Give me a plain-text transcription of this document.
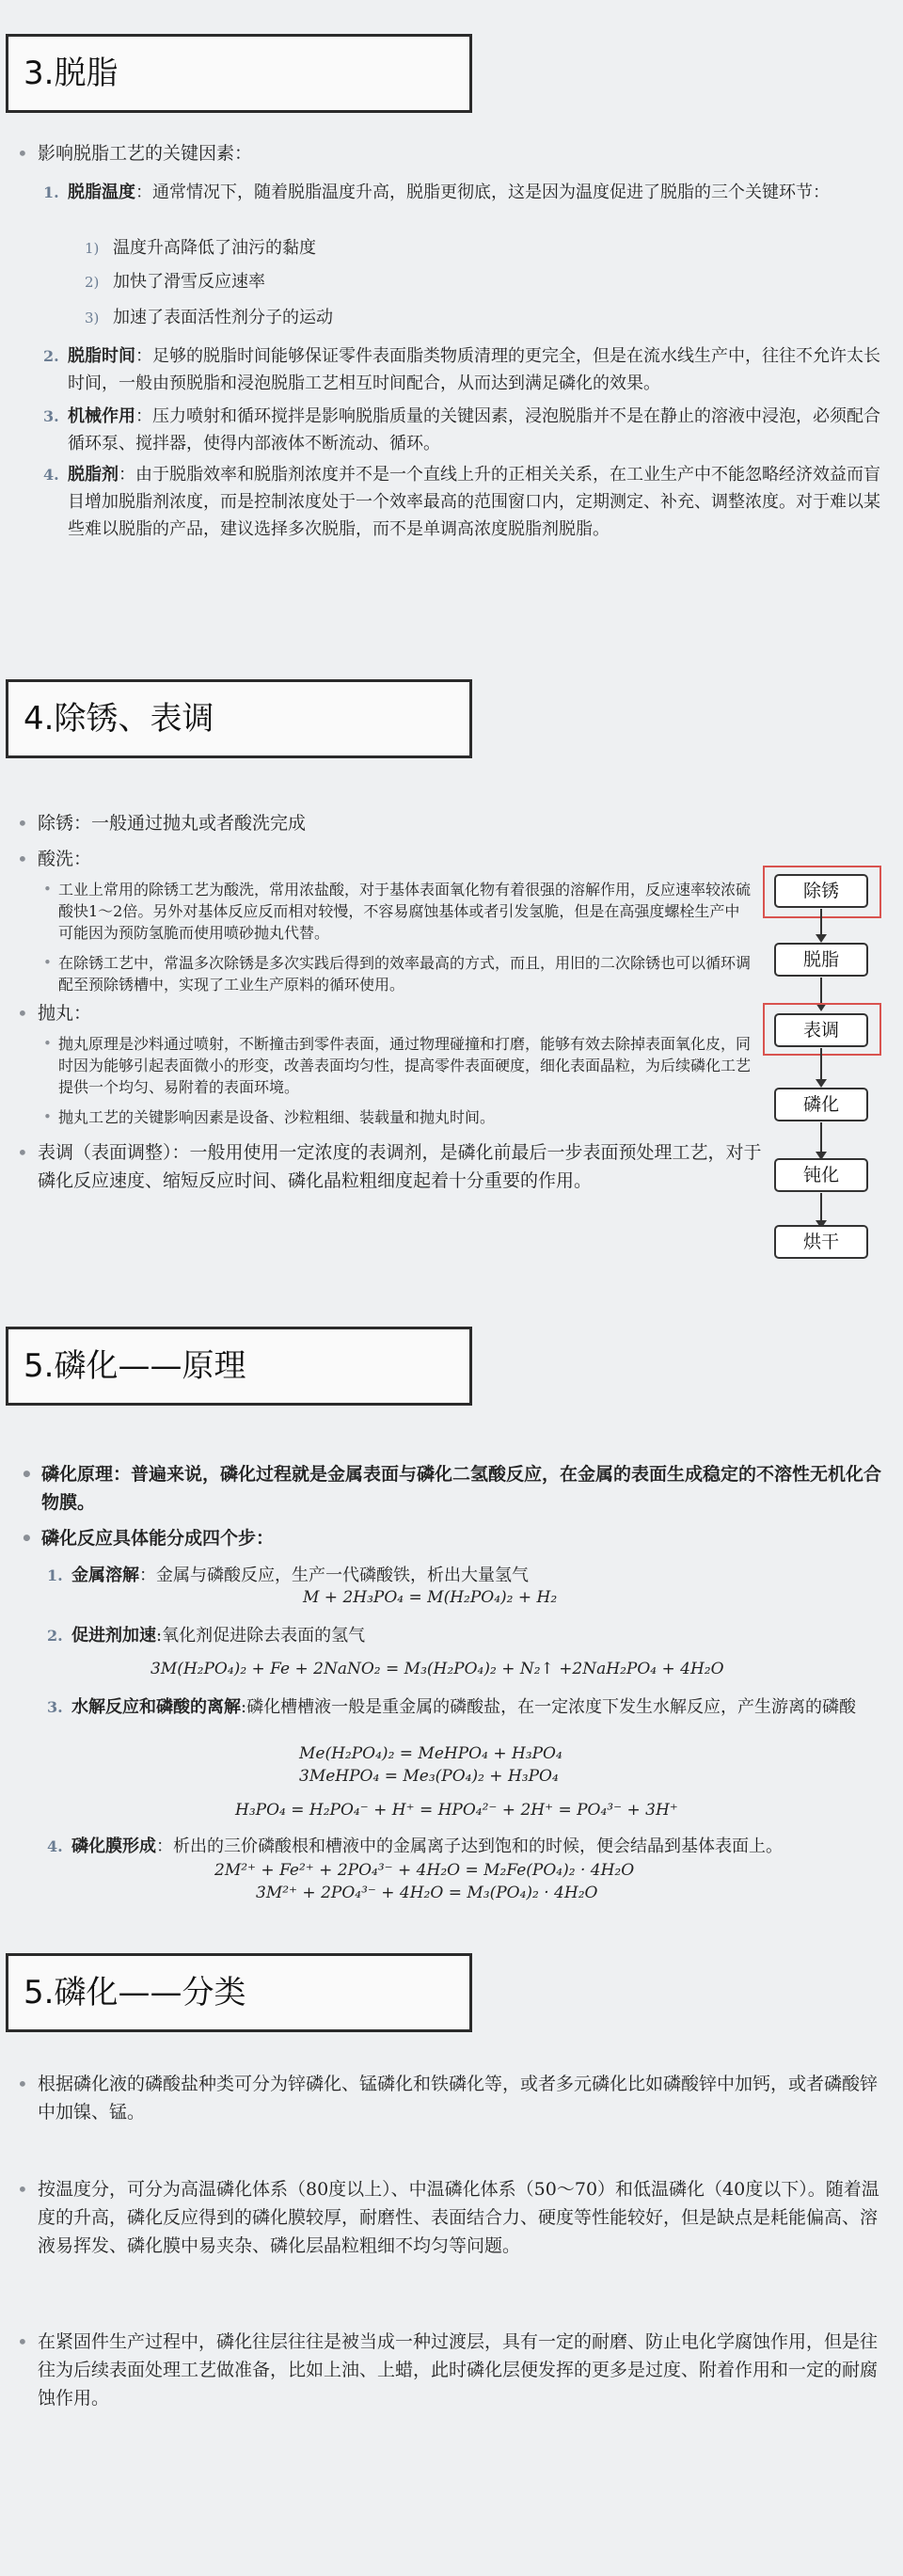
3.脱脂
• 影响脱脂工艺的关键因素：
1. 脱脂温度：通常情况下，随着脱脂温度升高，脱脂更彻底，这是因为温度促进了脱脂的三个关键环节：
1) 温度升高降低了油污的黏度
2) 加快了滑雪反应速率
3) 加速了表面活性剂分子的运动
2. 脱脂时间：足够的脱脂时间能够保证零件表面脂类物质清理的更完全，但是在流水线生产中，往往不允许太长时间，一般由预脱脂和浸泡脱脂工艺相互时间配合，从而达到满足磷化的效果。
3. 机械作用：压力喷射和循环搅拌是影响脱脂质量的关键因素，浸泡脱脂并不是在静止的溶液中浸泡，必须配合循环泵、搅拌器，使得内部液体不断流动、循环。
4. 脱脂剂：由于脱脂效率和脱脂剂浓度并不是一个直线上升的正相关关系，在工业生产中不能忽略经济效益而盲目增加脱脂剂浓度，而是控制浓度处于一个效率最高的范围窗口内，定期测定、补充、调整浓度。对于难以某些难以脱脂的产品，建议选择多次脱脂，而不是单调高浓度脱脂剂脱脂。
4.除锈、表调
• 除锈：一般通过抛丸或者酸洗完成
• 酸洗：
• 工业上常用的除锈工艺为酸洗，常用浓盐酸，对于基体表面氧化物有着很强的溶解作用，反应速率较浓硫酸快1～2倍。另外对基体反应反而相对较慢，不容易腐蚀基体或者引发氢脆，但是在高强度螺栓生产中可能因为预防氢脆而使用喷砂抛丸代替。
• 在除锈工艺中，常温多次除锈是多次实践后得到的效率最高的方式，而且，用旧的二次除锈也可以循环调配至预除锈槽中，实现了工业生产原料的循环使用。
• 抛丸：
• 抛丸原理是沙料通过喷射，不断撞击到零件表面，通过物理碰撞和打磨，能够有效去除掉表面氧化皮，同时因为能够引起表面微小的形变，改善表面均匀性，提高零件表面硬度，细化表面晶粒，为后续磷化工艺提供一个均匀、易附着的表面环境。
• 抛丸工艺的关键影响因素是设备、沙粒粗细、装载量和抛丸时间。
• 表调（表面调整）：一般用使用一定浓度的表调剂，是磷化前最后一步表面预处理工艺，对于磷化反应速度、缩短反应时间、磷化晶粒粗细度起着十分重要的作用。
除锈
脱脂
表调
磷化
钝化
烘干
5.磷化——原理
• 磷化原理：普遍来说，磷化过程就是金属表面与磷化二氢酸反应，在金属的表面生成稳定的不溶性无机化合物膜。
• 磷化反应具体能分成四个步：
1. 金属溶解：金属与磷酸反应，生产一代磷酸铁，析出大量氢气
M + 2H₃PO₄ = M(H₂PO₄)₂ + H₂
2. 促进剂加速:氧化剂促进除去表面的氢气
3M(H₂PO₄)₂ + Fe + 2NaNO₂ = M₃(H₂PO₄)₂ + N₂↑ +2NaH₂PO₄ + 4H₂O
3. 水解反应和磷酸的离解:磷化槽槽液一般是重金属的磷酸盐，在一定浓度下发生水解反应，产生游离的磷酸
Me(H₂PO₄)₂ = MeHPO₄ + H₃PO₄
3MeHPO₄ = Me₃(PO₄)₂ + H₃PO₄
H₃PO₄ = H₂PO₄⁻ + H⁺ = HPO₄²⁻ + 2H⁺ = PO₄³⁻ + 3H⁺
4. 磷化膜形成：析出的三价磷酸根和槽液中的金属离子达到饱和的时候，便会结晶到基体表面上。
2M²⁺ + Fe²⁺ + 2PO₄³⁻ + 4H₂O = M₂Fe(PO₄)₂ · 4H₂O
3M²⁺ + 2PO₄³⁻ + 4H₂O = M₃(PO₄)₂ · 4H₂O
5.磷化——分类
• 根据磷化液的磷酸盐种类可分为锌磷化、锰磷化和铁磷化等，或者多元磷化比如磷酸锌中加钙，或者磷酸锌中加镍、锰。
• 按温度分，可分为高温磷化体系（80度以上）、中温磷化体系（50～70）和低温磷化（40度以下）。随着温度的升高，磷化反应得到的磷化膜较厚，耐磨性、表面结合力、硬度等性能较好，但是缺点是耗能偏高、溶液易挥发、磷化膜中易夹杂、磷化层晶粒粗细不均匀等问题。
• 在紧固件生产过程中，磷化往层往往是被当成一种过渡层，具有一定的耐磨、防止电化学腐蚀作用，但是往往为后续表面处理工艺做准备，比如上油、上蜡，此时磷化层便发挥的更多是过度、附着作用和一定的耐腐蚀作用。
